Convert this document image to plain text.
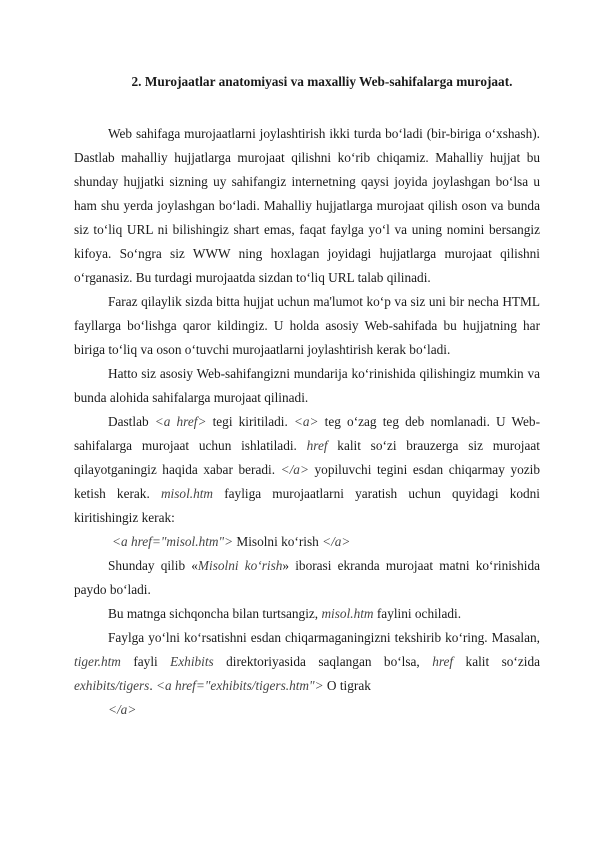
2. Murojaatlar anatomiyasi va maxalliy Web-sahifalarga murojaat.

Web sahifaga murojaatlarni joylashtirish ikki turda bo‘ladi (bir-biriga o‘xshash). Dastlab mahalliy hujjatlarga murojaat qilishni ko‘rib chiqamiz. Mahalliy hujjat bu shunday hujjatki sizning uy sahifangiz internetning qaysi joyida joylashgan bo‘lsa u ham shu yerda joylashgan bo‘ladi. Mahalliy hujjatlarga murojaat qilish oson va bunda siz to‘liq URL ni bilishingiz shart emas, faqat faylga yo‘l va uning nomini bersangiz kifoya. So‘ngra siz WWW ning hoxlagan joyidagi hujjatlarga murojaat qilishni o‘rganasiz. Bu turdagi murojaatda sizdan to‘liq URL talab qilinadi.

Faraz qilaylik sizda bitta hujjat uchun ma'lumot ko‘p va siz uni bir necha HTML fayllarga bo‘lishga qaror kildingiz. U holda asosiy Web-sahifada bu hujjatning har biriga to‘liq va oson o‘tuvchi murojaatlarni joylashtirish kerak bo‘ladi.

Hatto siz asosiy Web-sahifangizni mundarija ko‘rinishida qilishingiz mumkin va bunda alohida sahifalarga murojaat qilinadi.

Dastlab <a href> tegi kiritiladi. <a> teg o‘zag teg deb nomlanadi. U Web-sahifalarga murojaat uchun ishlatiladi. href kalit so‘zi brauzerga siz murojaat qilayotganingiz haqida xabar beradi. </a> yopiluvchi tegini esdan chiqarmay yozib ketish kerak. misol.htm fayliga murojaatlarni yaratish uchun quyidagi kodni kiritishingiz kerak:

<a href="misol.htm"> Misolni ko‘rish </a>

Shunday qilib «Misolni ko‘rish» iborasi ekranda murojaat matni ko‘rinishida paydo bo‘ladi.

Bu matnga sichqoncha bilan turtsangiz, misol.htm faylini ochiladi.

Faylga yo‘lni ko‘rsatishni esdan chiqarmaganingizni tekshirib ko‘ring. Masalan, tiger.htm fayli Exhibits direktoriyasida saqlangan bo‘lsa, href kalit so‘zida exhibits/tigers. <a href="exhibits/tigers.htm"> O tigrak

</a>
